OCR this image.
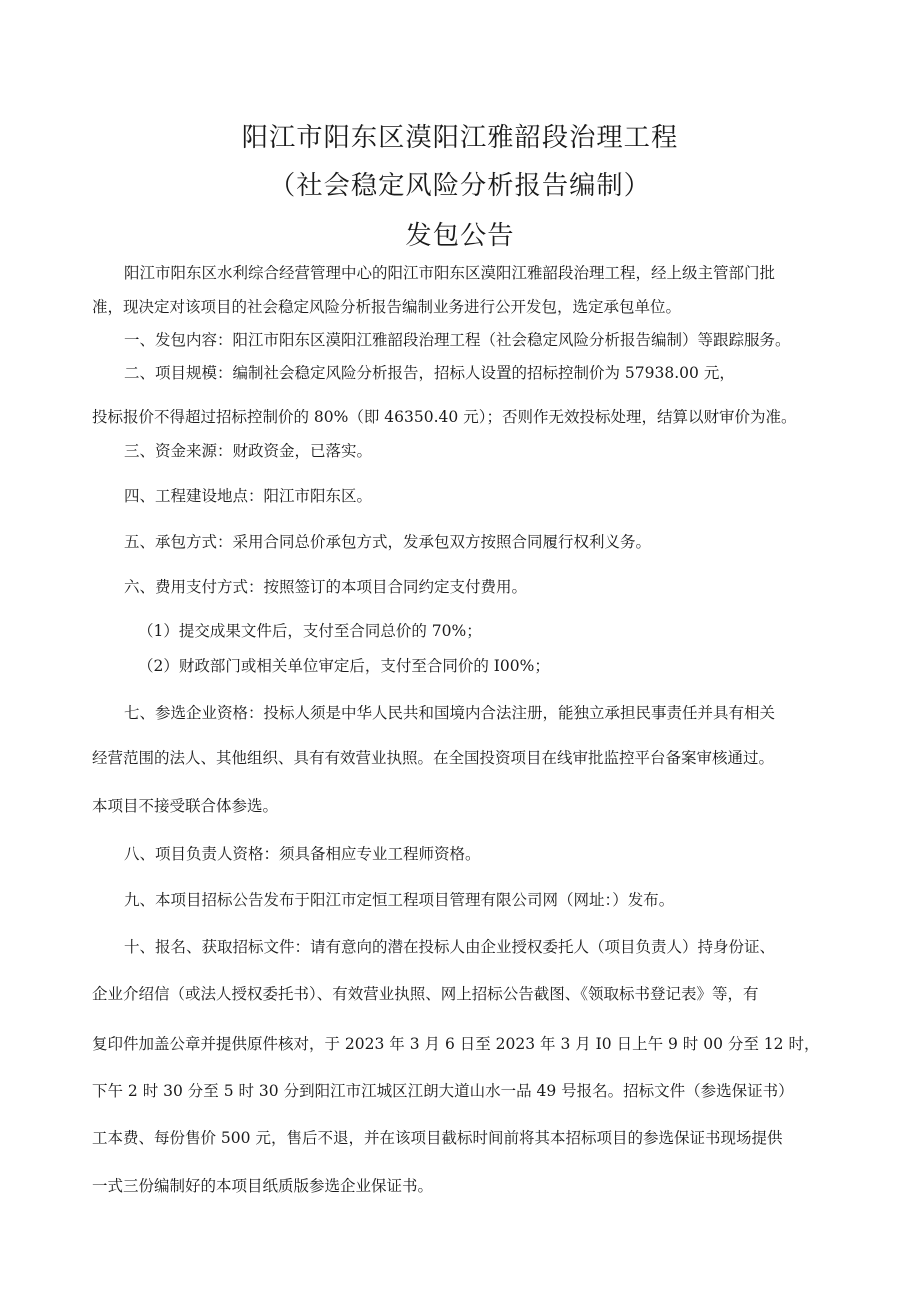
阳江市阳东区漠阳江雅韶段治理工程
（社会稳定风险分析报告编制）
发包公告
阳江市阳东区水利综合经营管理中心的阳江市阳东区漠阳江雅韶段治理工程，经上级主管部门批
准，现决定对该项目的社会稳定风险分析报告编制业务进行公开发包，选定承包单位。
一、发包内容：阳江市阳东区漠阳江雅韶段治理工程（社会稳定风险分析报告编制）等跟踪服务。
二、项目规模：编制社会稳定风险分析报告，招标人设置的招标控制价为 57938.00 元，
投标报价不得超过招标控制价的 80%（即 46350.40 元）；否则作无效投标处理，结算以财审价为准。
三、资金来源：财政资金，已落实。
四、工程建设地点：阳江市阳东区。
五、承包方式：采用合同总价承包方式，发承包双方按照合同履行权利义务。
六、费用支付方式：按照签订的本项目合同约定支付费用。
（1）提交成果文件后，支付至合同总价的 70%；
（2）财政部门或相关单位审定后，支付至合同价的 I00%；
七、参选企业资格：投标人须是中华人民共和国境内合法注册，能独立承担民事责任并具有相关
经营范围的法人、其他组织、具有有效营业执照。在全国投资项目在线审批监控平台备案审核通过。
本项目不接受联合体参选。
八、项目负责人资格：须具备相应专业工程师资格。
九、本项目招标公告发布于阳江市定恒工程项目管理有限公司网（网址：）发布。
十、报名、获取招标文件：请有意向的潜在投标人由企业授权委托人（项目负责人）持身份证、
企业介绍信（或法人授权委托书）、有效营业执照、网上招标公告截图、《领取标书登记表》等，有
复印件加盖公章并提供原件核对，于 2023 年 3 月 6 日至 2023 年 3 月 I0 日上午 9 时 00 分至 12 时，
下午 2 时 30 分至 5 时 30 分到阳江市江城区江朗大道山水一品 49 号报名。招标文件（参选保证书）
工本费、每份售价 500 元，售后不退，并在该项目截标时间前将其本招标项目的参选保证书现场提供
一式三份编制好的本项目纸质版参选企业保证书。
